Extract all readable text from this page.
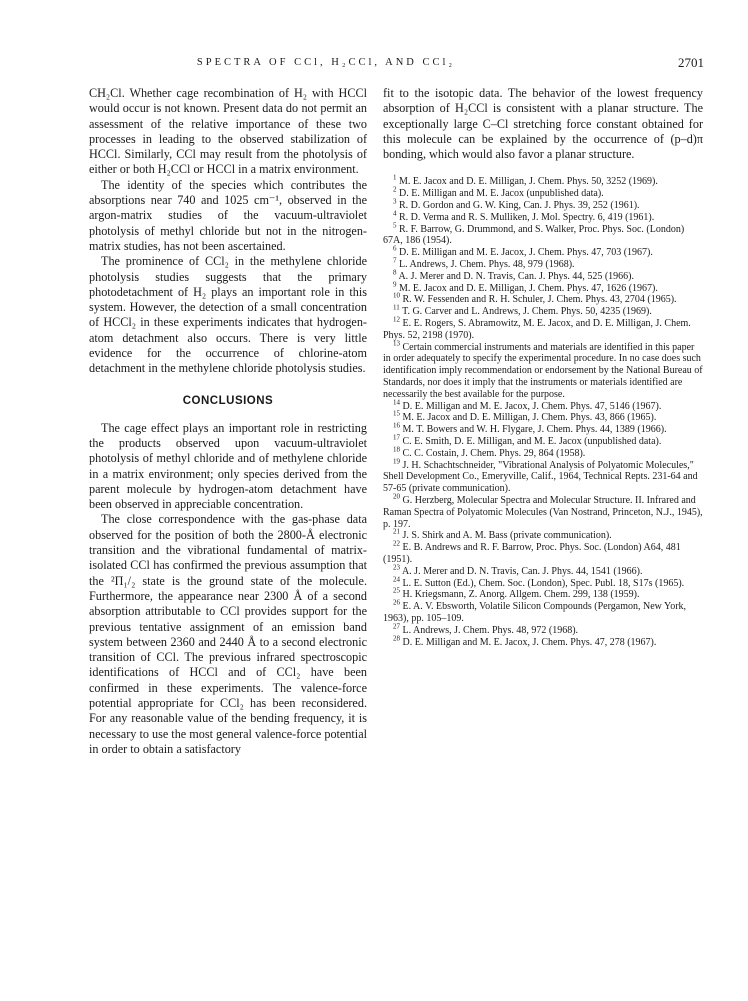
SPECTRA OF CCl, H₂CCl, AND CCl₂	2701

CH₂Cl. Whether cage recombination of H₂ with HCCl would occur is not known. Present data do not permit an assessment of the relative importance of these two processes in leading to the observed stabilization of HCCl. Similarly, CCl may result from the photolysis of either or both H₂CCl or HCCl in a matrix environment.

The identity of the species which contributes the absorptions near 740 and 1025 cm⁻¹, observed in the argon-matrix studies of the vacuum-ultraviolet photolysis of methyl chloride but not in the nitrogen-matrix studies, has not been ascertained.

The prominence of CCl₂ in the methylene chloride photolysis studies suggests that the primary photodetachment of H₂ plays an important role in this system. However, the detection of a small concentration of HCCl₂ in these experiments indicates that hydrogen-atom detachment also occurs. There is very little evidence for the occurrence of chlorine-atom detachment in the methylene chloride photolysis studies.

CONCLUSIONS

The cage effect plays an important role in restricting the products observed upon vacuum-ultraviolet photolysis of methyl chloride and of methylene chloride in a matrix environment; only species derived from the parent molecule by hydrogen-atom detachment have been observed in appreciable concentration.

The close correspondence with the gas-phase data observed for the position of both the 2800-Å electronic transition and the vibrational fundamental of matrix-isolated CCl has confirmed the previous assumption that the ²Π₁/₂ state is the ground state of the molecule. Furthermore, the appearance near 2300 Å of a second absorption attributable to CCl provides support for the previous tentative assignment of an emission band system between 2360 and 2440 Å to a second electronic transition of CCl. The previous infrared spectroscopic identifications of HCCl and of CCl₂ have been confirmed in these experiments. The valence-force potential appropriate for CCl₂ has been reconsidered. For any reasonable value of the bending frequency, it is necessary to use the most general valence-force potential in order to obtain a satisfactory

fit to the isotopic data. The behavior of the lowest frequency absorption of H₂CCl is consistent with a planar structure. The exceptionally large C–Cl stretching force constant obtained for this molecule can be explained by the occurrence of (p–d)π bonding, which would also favor a planar structure.

$^1$ M. E. Jacox and D. E. Milligan, J. Chem. Phys. 50, 3252 (1969).

$^2$ D. E. Milligan and M. E. Jacox (unpublished data).

$^3$ R. D. Gordon and G. W. King, Can. J. Phys. 39, 252 (1961).

$^4$ R. D. Verma and R. S. Mulliken, J. Mol. Spectry. 6, 419 (1961).

$^5$ R. F. Barrow, G. Drummond, and S. Walker, Proc. Phys. Soc. (London) 67A, 186 (1954).

$^6$ D. E. Milligan and M. E. Jacox, J. Chem. Phys. 47, 703 (1967).

$^7$ L. Andrews, J. Chem. Phys. 48, 979 (1968).

$^8$ A. J. Merer and D. N. Travis, Can. J. Phys. 44, 525 (1966).

$^9$ M. E. Jacox and D. E. Milligan, J. Chem. Phys. 47, 1626 (1967).

$^{10}$ R. W. Fessenden and R. H. Schuler, J. Chem. Phys. 43, 2704 (1965).

$^{11}$ T. G. Carver and L. Andrews, J. Chem. Phys. 50, 4235 (1969).

$^{12}$ E. E. Rogers, S. Abramowitz, M. E. Jacox, and D. E. Milligan, J. Chem. Phys. 52, 2198 (1970).

$^{13}$ Certain commercial instruments and materials are identified in this paper in order adequately to specify the experimental procedure. In no case does such identification imply recommendation or endorsement by the National Bureau of Standards, nor does it imply that the instruments or materials identified are necessarily the best available for the purpose.

$^{14}$ D. E. Milligan and M. E. Jacox, J. Chem. Phys. 47, 5146 (1967).

$^{15}$ M. E. Jacox and D. E. Milligan, J. Chem. Phys. 43, 866 (1965).

$^{16}$ M. T. Bowers and W. H. Flygare, J. Chem. Phys. 44, 1389 (1966).

$^{17}$ C. E. Smith, D. E. Milligan, and M. E. Jacox (unpublished data).

$^{18}$ C. C. Costain, J. Chem. Phys. 29, 864 (1958).

$^{19}$ J. H. Schachtschneider, "Vibrational Analysis of Polyatomic Molecules," Shell Development Co., Emeryville, Calif., 1964, Technical Repts. 231-64 and 57-65 (private communication).

$^{20}$ G. Herzberg, Molecular Spectra and Molecular Structure. II. Infrared and Raman Spectra of Polyatomic Molecules (Van Nostrand, Princeton, N.J., 1945), p. 197.

$^{21}$ J. S. Shirk and A. M. Bass (private communication).

$^{22}$ E. B. Andrews and R. F. Barrow, Proc. Phys. Soc. (London) A64, 481 (1951).

$^{23}$ A. J. Merer and D. N. Travis, Can. J. Phys. 44, 1541 (1966).

$^{24}$ L. E. Sutton (Ed.), Chem. Soc. (London), Spec. Publ. 18, S17s (1965).

$^{25}$ H. Kriegsmann, Z. Anorg. Allgem. Chem. 299, 138 (1959).

$^{26}$ E. A. V. Ebsworth, Volatile Silicon Compounds (Pergamon, New York, 1963), pp. 105–109.

$^{27}$ L. Andrews, J. Chem. Phys. 48, 972 (1968).

$^{28}$ D. E. Milligan and M. E. Jacox, J. Chem. Phys. 47, 278 (1967).
